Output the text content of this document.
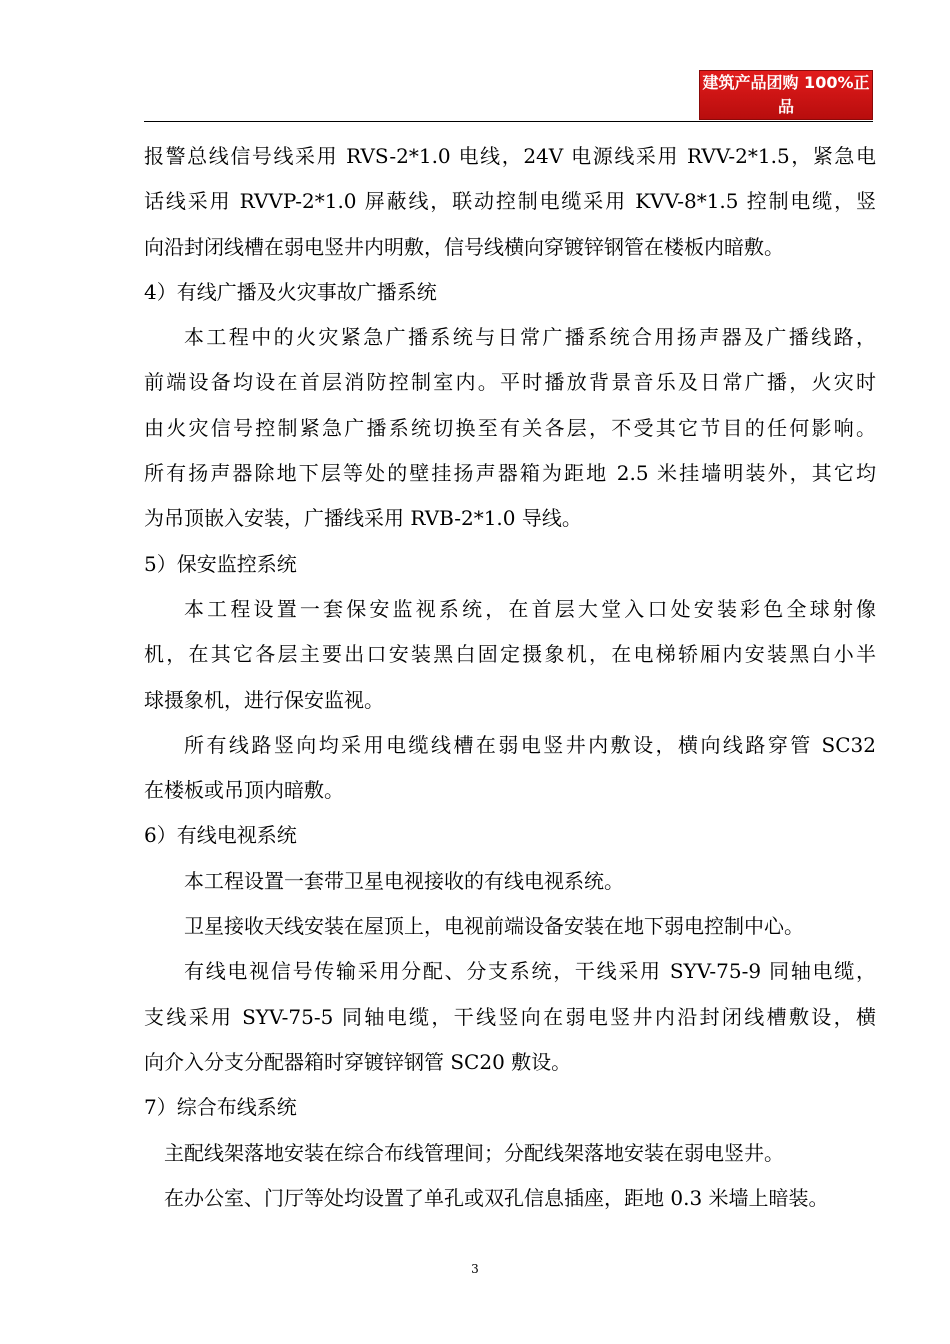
建筑产品团购 100%正品
www.kutrue.com

报警总线信号线采用 RVS-2*1.0 电线，24V 电源线采用 RVV-2*1.5，紧急电

话线采用 RVVP-2*1.0 屏蔽线，联动控制电缆采用 KVV-8*1.5 控制电缆，竖

向沿封闭线槽在弱电竖井内明敷，信号线横向穿镀锌钢管在楼板内暗敷。

4）有线广播及火灾事故广播系统

本工程中的火灾紧急广播系统与日常广播系统合用扬声器及广播线路，

前端设备均设在首层消防控制室内。平时播放背景音乐及日常广播，火灾时

由火灾信号控制紧急广播系统切换至有关各层，不受其它节目的任何影响。

所有扬声器除地下层等处的壁挂扬声器箱为距地 2.5 米挂墙明装外，其它均

为吊顶嵌入安装，广播线采用 RVB-2*1.0 导线。

5）保安监控系统

本工程设置一套保安监视系统，在首层大堂入口处安装彩色全球射像

机，在其它各层主要出口安装黑白固定摄象机，在电梯轿厢内安装黑白小半

球摄象机，进行保安监视。

所有线路竖向均采用电缆线槽在弱电竖井内敷设，横向线路穿管 SC32

在楼板或吊顶内暗敷。

6）有线电视系统

本工程设置一套带卫星电视接收的有线电视系统。

卫星接收天线安装在屋顶上，电视前端设备安装在地下弱电控制中心。

有线电视信号传输采用分配、分支系统，干线采用 SYV-75-9 同轴电缆，

支线采用 SYV-75-5 同轴电缆，干线竖向在弱电竖井内沿封闭线槽敷设，横

向介入分支分配器箱时穿镀锌钢管 SC20 敷设。

7）综合布线系统

主配线架落地安装在综合布线管理间；分配线架落地安装在弱电竖井。

在办公室、门厅等处均设置了单孔或双孔信息插座，距地 0.3 米墙上暗装。

3
